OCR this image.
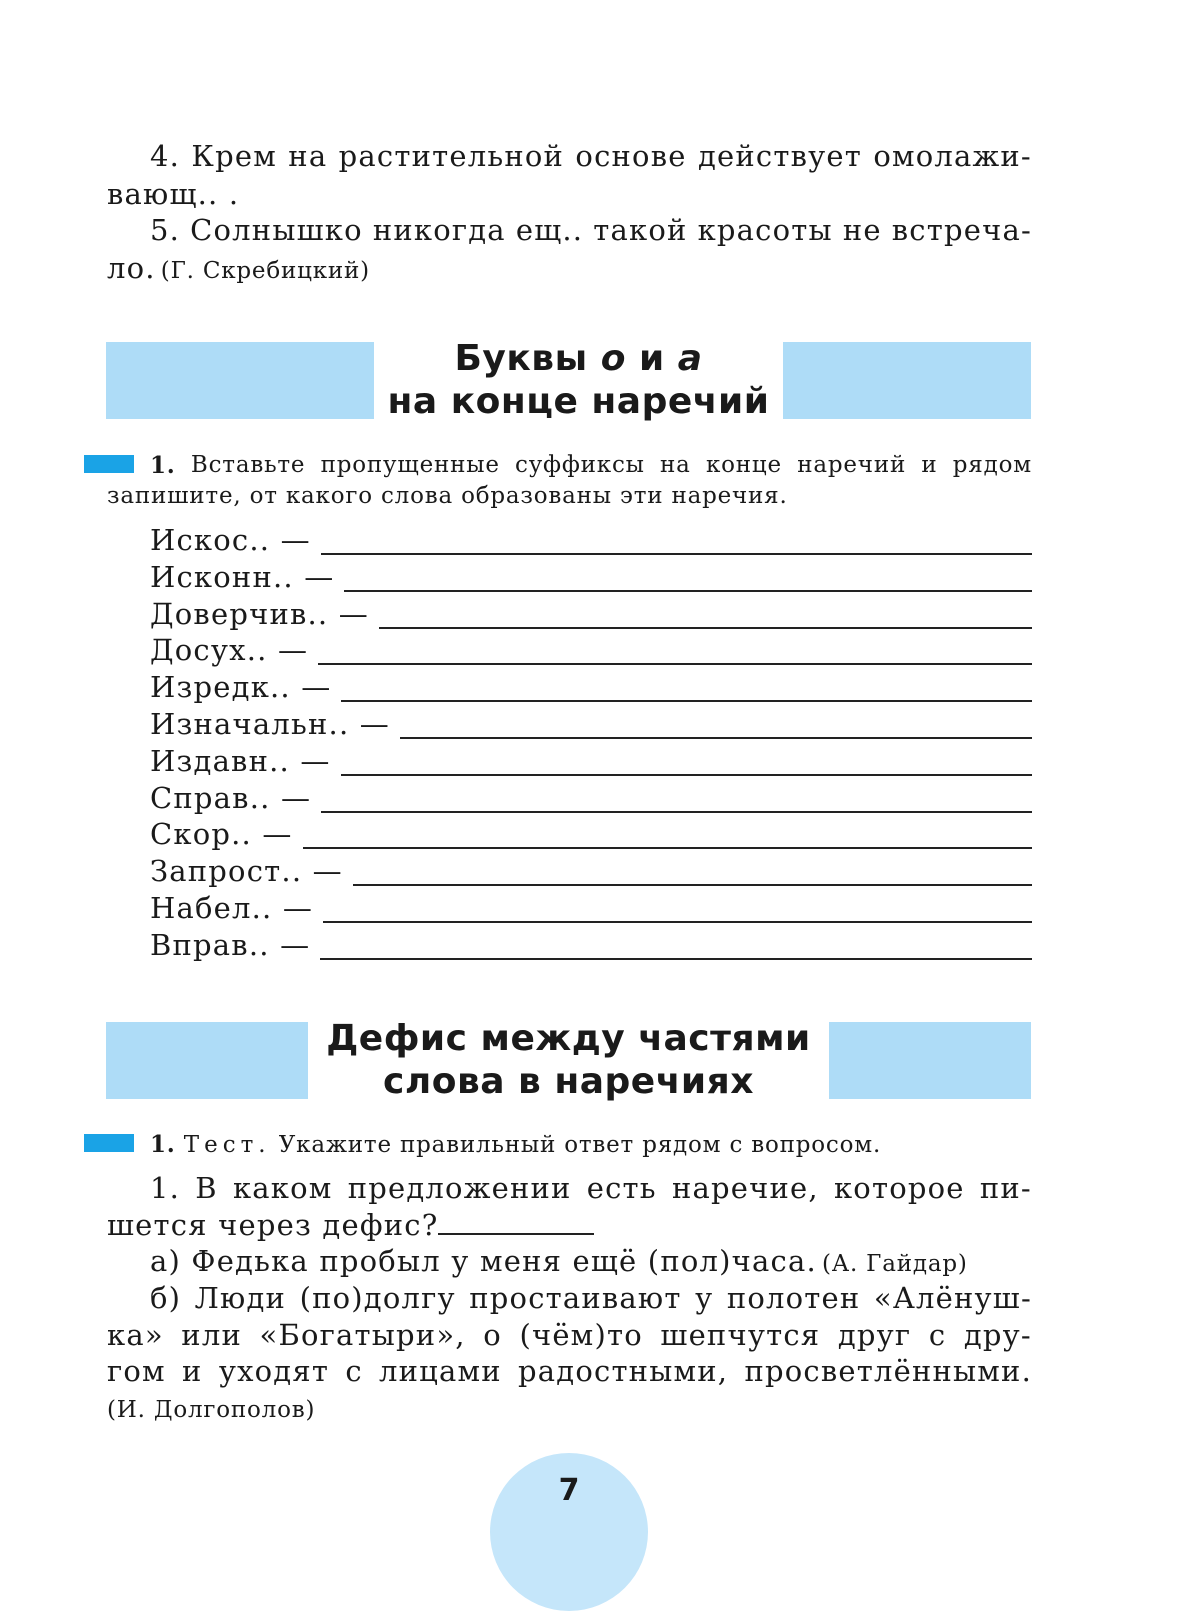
4. Крем на растительной основе действует омолажи-
вающ.. .
5. Солнышко никогда ещ.. такой красоты не встреча-
ло. (Г. Скребицкий)
Буквы о и а
на конце наречий
1. Вставьте пропущенные суффиксы на конце наречий и рядом
запишите, от какого слова образованы эти наречия.
Искос.. —
Исконн.. —
Доверчив.. —
Досух.. —
Изредк.. —
Изначальн.. —
Издавн.. —
Справ.. —
Скор.. —
Запрост.. —
Набел.. —
Вправ.. —
Дефис между частями
слова в наречиях
1. Тест. Укажите правильный ответ рядом с вопросом.
1. В каком предложении есть наречие, которое пи-
шется через дефис?
а) Федька пробыл у меня ещё (пол)часа. (А. Гайдар)
б) Люди (по)долгу простаивают у полотен «Алёнуш-
ка» или «Богатыри», о (чём)то шепчутся друг с дру-
гом и уходят с лицами радостными, просветлёнными.
(И. Долгополов)
7
